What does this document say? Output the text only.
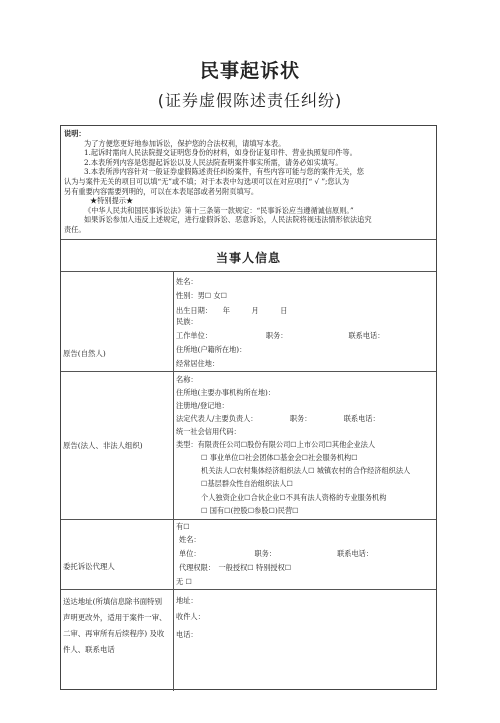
民事起诉状
(证券虚假陈述责任纠纷)

说明：

为了方便您更好地参加诉讼，保护您的合法权利，请填写本表。

1.起诉时需向人民法院提交证明您身份的材料，如身份证复印件、营业执照复印件等。

2.本表所列内容是您提起诉讼以及人民法院查明案件事实所需，请务必如实填写。

3.本表所涉内容针对一般证券虚假陈述责任纠纷案件，有些内容可能与您的案件无关，您

认为与案件无关的项目可以填“无”或不填；对于本表中勾选项可以在对应项打“ √ ”;您认为

另有重要内容需要列明的，可以在本表尾部或者另附页填写。

★特别提示★

《中华人民共和国民事诉讼法》第十三条第一款规定：“民事诉讼应当遵循诚信原则。”

如果诉讼参加人违反上述规定，进行虚假诉讼、恶意诉讼，人民法院将视违法情形依法追究

责任。

当事人信息
原告(自然人)
姓名：
性别：男☐ 女☐
出生日期：　　年　　　月　　　日
民族：
工作单位：　　　　　　　　职务：　　　　　　　　　联系电话：
住所地(户籍所在地)：
经常居住地：
原告(法人、非法人组织)
名称：
住所地(主要办事机构所在地)：
注册地/登记地：
法定代表人/主要负责人：　　　　　职务：　　　　　联系电话：
统一社会信用代码：
类型：有限责任公司☐股份有限公司☐上市公司☐其他企业法人
☐ 事业单位☐社会团体☐基金会☐社会服务机构☐
机关法人☐农村集体经济组织法人☐ 城镇农村的合作经济组织法人
☐基层群众性自治组织法人☐
个人独资企业☐合伙企业☐不具有法人资格的专业服务机构
☐ 国有☐(控股☐参股☐)民营☐
委托诉讼代理人
有☐
姓名：
单位：　　　　　　　　职务：　　　　　　　　　联系电话：
代理权限：　一般授权☐ 特别授权☐
无 ☐
送达地址(所填信息除书面特别
声明更改外，适用于案件一审、
二审、再审所有后续程序) 及收
件人、联系电话
地址：
收件人：
电话：
